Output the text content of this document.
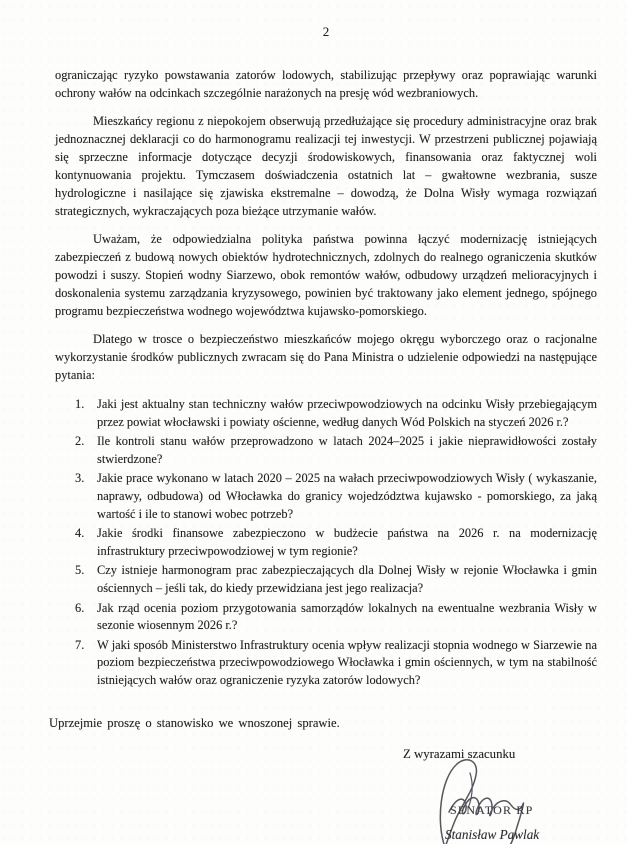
2

ograniczając ryzyko powstawania zatorów lodowych, stabilizując przepływy oraz poprawiając warunki ochrony wałów na odcinkach szczególnie narażonych na presję wód wezbraniowych.

Mieszkańcy regionu z niepokojem obserwują przedłużające się procedury administracyjne oraz brak jednoznacznej deklaracji co do harmonogramu realizacji tej inwestycji. W przestrzeni publicznej pojawiają się sprzeczne informacje dotyczące decyzji środowiskowych, finansowania oraz faktycznej woli kontynuowania projektu. Tymczasem doświadczenia ostatnich lat – gwałtowne wezbrania, susze hydrologiczne i nasilające się zjawiska ekstremalne – dowodzą, że Dolna Wisły wymaga rozwiązań strategicznych, wykraczających poza bieżące utrzymanie wałów.

Uważam, że odpowiedzialna polityka państwa powinna łączyć modernizację istniejących zabezpieczeń z budową nowych obiektów hydrotechnicznych, zdolnych do realnego ograniczenia skutków powodzi i suszy. Stopień wodny Siarzewo, obok remontów wałów, odbudowy urządzeń melioracyjnych i doskonalenia systemu zarządzania kryzysowego, powinien być traktowany jako element jednego, spójnego programu bezpieczeństwa wodnego województwa kujawsko-pomorskiego.

Dlatego w trosce o bezpieczeństwo mieszkańców mojego okręgu wyborczego oraz o racjonalne wykorzystanie środków publicznych zwracam się do Pana Ministra o udzielenie odpowiedzi na następujące pytania:

1.	Jaki jest aktualny stan techniczny wałów przeciwpowodziowych na odcinku Wisły przebiegającym przez powiat włocławski i powiaty ościenne, według danych Wód Polskich na styczeń 2026 r.?
2.	Ile kontroli stanu wałów przeprowadzono w latach 2024–2025 i jakie nieprawidłowości zostały stwierdzone?
3.	Jakie prace wykonano w latach 2020 – 2025 na wałach przeciwpowodziowych Wisły ( wykaszanie, naprawy, odbudowa) od Włocławka do granicy wojedzództwa kujawsko - pomorskiego, za jaką wartość i ile to stanowi wobec potrzeb?
4.	Jakie środki finansowe zabezpieczono w budżecie państwa na 2026 r. na modernizację infrastruktury przeciwpowodziowej w tym regionie?
5.	Czy istnieje harmonogram prac zabezpieczających dla Dolnej Wisły w rejonie Włocławka i gmin ościennych – jeśli tak, do kiedy przewidziana jest jego realizacja?
6.	Jak rząd ocenia poziom przygotowania samorządów lokalnych na ewentualne wezbrania Wisły w sezonie wiosennym 2026 r.?
7.	W jaki sposób Ministerstwo Infrastruktury ocenia wpływ realizacji stopnia wodnego w Siarzewie na poziom bezpieczeństwa przeciwpowodziowego Włocławka i gmin ościennych, w tym na stabilność istniejących wałów oraz ograniczenie ryzyka zatorów lodowych?

Uprzejmie proszę o stanowisko we wnoszonej sprawie.

Z wyrazami szacunku
SENATOR RP
Stanisław Pawlak
